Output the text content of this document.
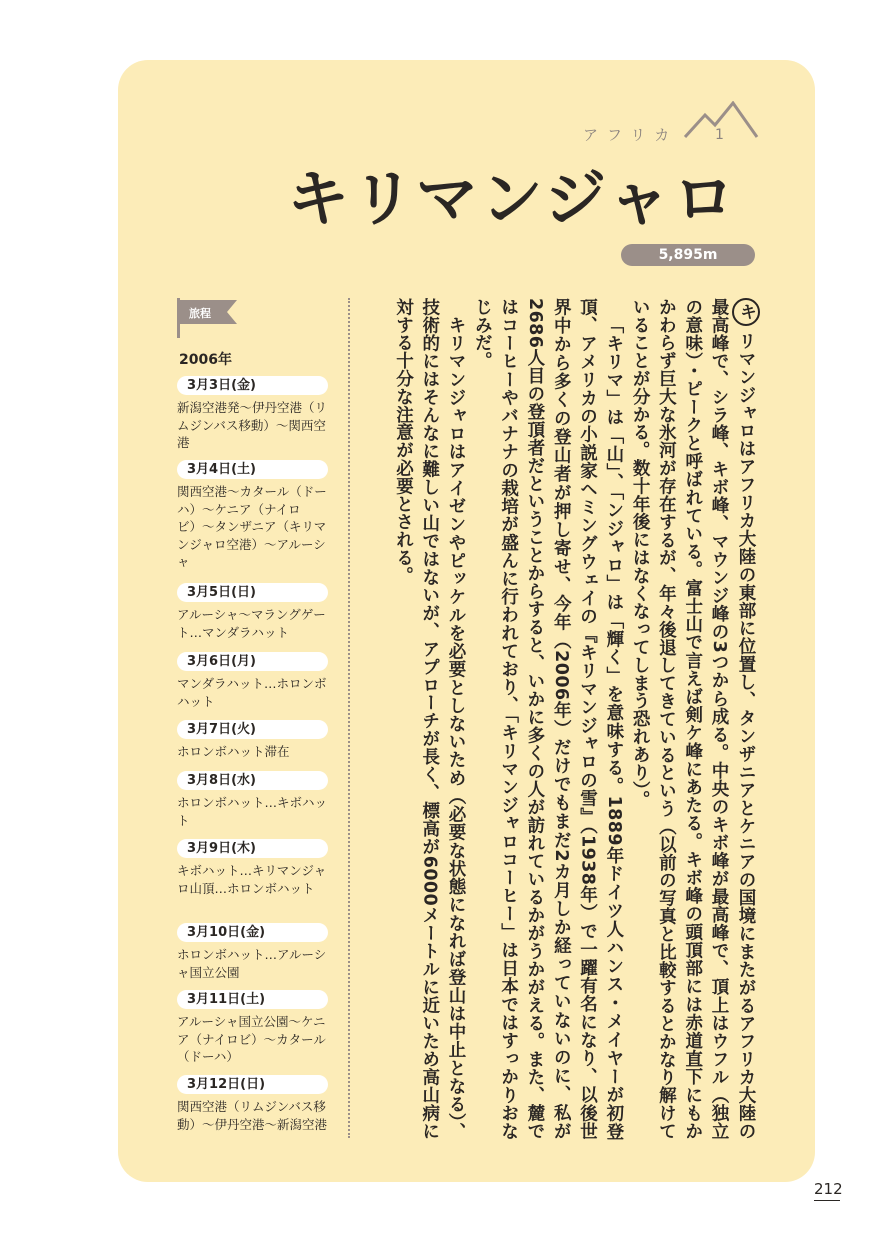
アフリカ	1
キリマンジャロ
5,895m
旅程
2006年
3月3日(金)
新潟空港発〜伊丹空港（リムジンバス移動）〜関西空港
3月4日(土)
関西空港〜カタール（ドーハ）〜ケニア（ナイロビ）〜タンザニア（キリマンジャロ空港）〜アルーシャ
3月5日(日)
アルーシャ〜マラングゲート…マンダラハット
3月6日(月)
マンダラハット…ホロンボハット
3月7日(火)
ホロンボハット滞在
3月8日(水)
ホロンボハット…キボハット
3月9日(木)
キボハット…キリマンジャロ山頂…ホロンボハット
3月10日(金)
ホロンボハット…アルーシャ国立公園
3月11日(土)
アルーシャ国立公園〜ケニア（ナイロビ）〜カタール（ドーハ）
3月12日(日)
関西空港（リムジンバス移動）〜伊丹空港〜新潟空港

キリマンジャロはアフリカ大陸の東部に位置し、タンザニアとケニアの国境にまたがるアフリカ大陸の最高峰で、シラ峰、キボ峰、マウンジ峰の3つから成る。中央のキボ峰が最高峰で、頂上はウフル（独立の意味）・ピークと呼ばれている。富士山で言えば剣ケ峰にあたる。キボ峰の頭頂部には赤道直下にもかかわらず巨大な氷河が存在するが、年々後退してきているという（以前の写真と比較するとかなり解けていることが分かる。数十年後にはなくなってしまう恐れあり）。

「キリマ」は「山」、「ンジャロ」は「輝く」を意味する。1889年ドイツ人ハンス・メイヤーが初登頂、アメリカの小説家ヘミングウェイの『キリマンジャロの雪』（1938年）で一躍有名になり、以後世界中から多くの登山者が押し寄せ、今年（2006年）だけでもまだ2カ月しか経っていないのに、私が2686人目の登頂者だということからすると、いかに多くの人が訪れているかがうかがえる。また、麓ではコーヒーやバナナの栽培が盛んに行われており、「キリマンジャロコーヒー」は日本ではすっかりおなじみだ。

キリマンジャロはアイゼンやピッケルを必要としないため（必要な状態になれば登山は中止となる）、技術的にはそんなに難しい山ではないが、アプローチが長く、標高が6000メートルに近いため高山病に対する十分な注意が必要とされる。

212
